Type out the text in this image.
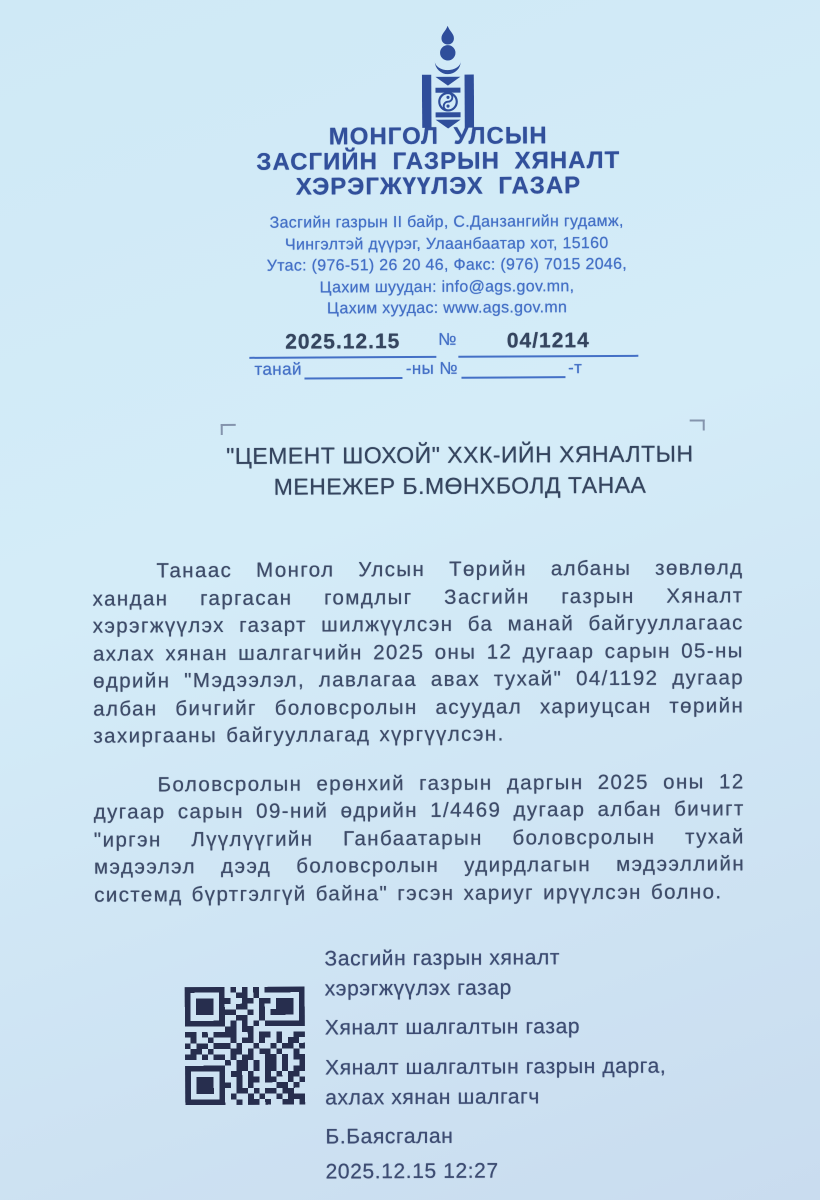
МОНГОЛ УЛСЫН
ЗАСГИЙН ГАЗРЫН ХЯНАЛТ
ХЭРЭГЖҮҮЛЭХ ГАЗАР
Засгийн газрын II байр, С.Данзангийн гудамж,
Чингэлтэй дүүрэг, Улаанбаатар хот, 15160
Утас: (976-51) 26 20 46, Факс: (976) 7015 2046,
Цахим шуудан: info@ags.gov.mn,
Цахим хуудас: www.ags.gov.mn
2025.12.15	№	04/1214
танай	-ны №	-т
"ЦЕМЕНТ ШОХОЙ" ХХК-ИЙН ХЯНАЛТЫН
МЕНЕЖЕР Б.МӨНХБОЛД ТАНАА

Танаас Монгол Улсын Төрийн албаны зөвлөлд хандан гаргасан гомдлыг Засгийн газрын Хяналт хэрэгжүүлэх газарт шилжүүлсэн ба манай байгууллагаас ахлах хянан шалгагчийн 2025 оны 12 дугаар сарын 05-ны өдрийн "Мэдээлэл, лавлагаа авах тухай" 04/1192 дугаар албан бичгийг боловсролын асуудал хариуцсан төрийн захиргааны байгууллагад хүргүүлсэн.

Боловсролын ерөнхий газрын даргын 2025 оны 12 дугаар сарын 09-ний өдрийн 1/4469 дугаар албан бичигт "иргэн Лүүлүүгийн Ганбаатарын боловсролын тухай мэдээлэл дээд боловсролын удирдлагын мэдээллийн системд бүртгэлгүй байна" гэсэн хариуг ирүүлсэн болно.

Засгийн газрын хяналт
хэрэгжүүлэх газар
Хяналт шалгалтын газар
Хяналт шалгалтын газрын дарга,
ахлах хянан шалгагч
Б.Баясгалан
2025.12.15 12:27
